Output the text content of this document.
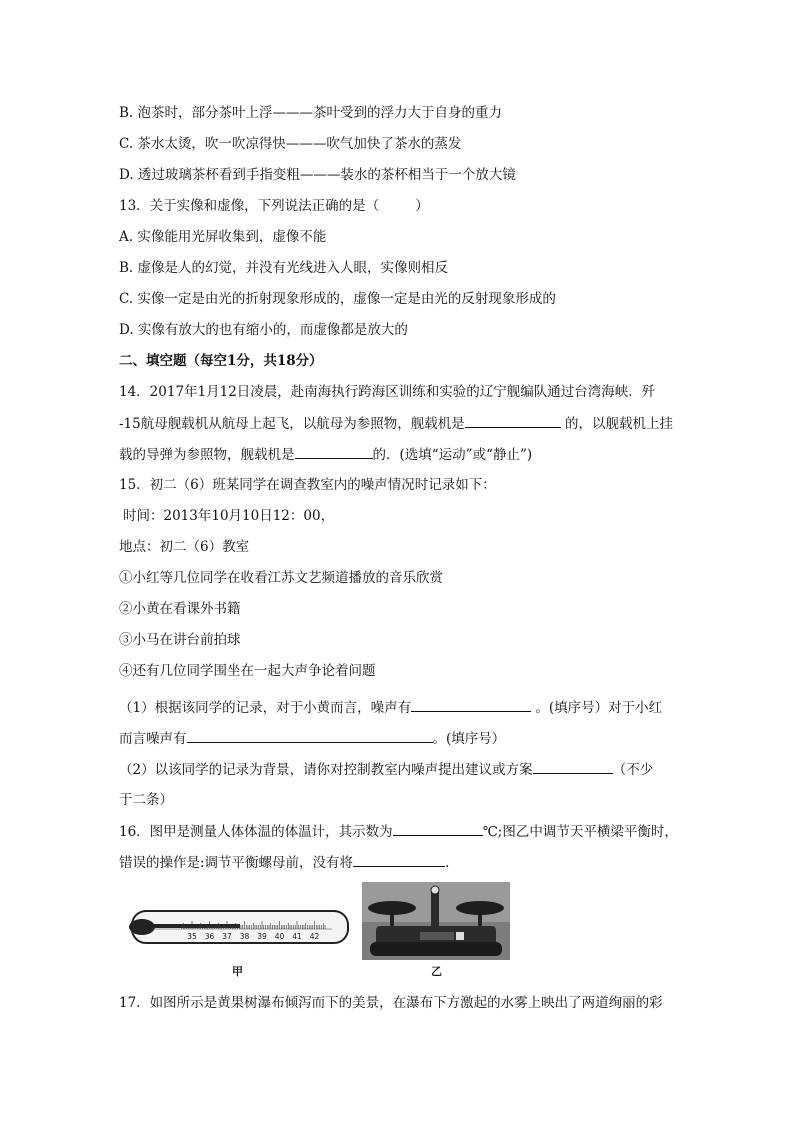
B. 泡茶时，部分茶叶上浮———茶叶受到的浮力大于自身的重力
C. 茶水太烫，吹一吹凉得快———吹气加快了茶水的蒸发
D. 透过玻璃茶杯看到手指变粗———装水的茶杯相当于一个放大镜
13．关于实像和虚像，下列说法正确的是（	）
A. 实像能用光屏收集到，虚像不能
B. 虚像是人的幻觉，并没有光线进入人眼，实像则相反
C. 实像一定是由光的折射现象形成的，虚像一定是由光的反射现象形成的
D. 实像有放大的也有缩小的，而虚像都是放大的
二、填空题（每空1分，共18分）
14．2017年1月12日凌晨，赴南海执行跨海区训练和实验的辽宁舰编队通过台湾海峡．歼
-15航母舰载机从航母上起飞，以航母为参照物，舰载机是	的，以舰载机上挂
载的导弹为参照物，舰载机是	的．(选填“运动”或“静止”)
15．初二（6）班某同学在调查教室内的噪声情况时记录如下：
时间：2013年10月10日12：00，
地点：初二（6）教室
①小红等几位同学在收看江苏文艺频道播放的音乐欣赏
②小黄在看课外书籍
③小马在讲台前拍球
④还有几位同学围坐在一起大声争论着问题
（1）根据该同学的记录，对于小黄而言，噪声有	。(填序号）对于小红
而言噪声有	。(填序号）
（2）以该同学的记录为背景，请你对控制教室内噪声提出建议或方案	（不少
于二条）
16．图甲是测量人体体温的体温计，其示数为	℃;图乙中调节天平横梁平衡时，
错误的操作是:调节平衡螺母前，没有将	.
35 36 37 38 39 40 41 42
甲	乙
17．如图所示是黄果树瀑布倾泻而下的美景，在瀑布下方激起的水雾上映出了两道绚丽的彩
